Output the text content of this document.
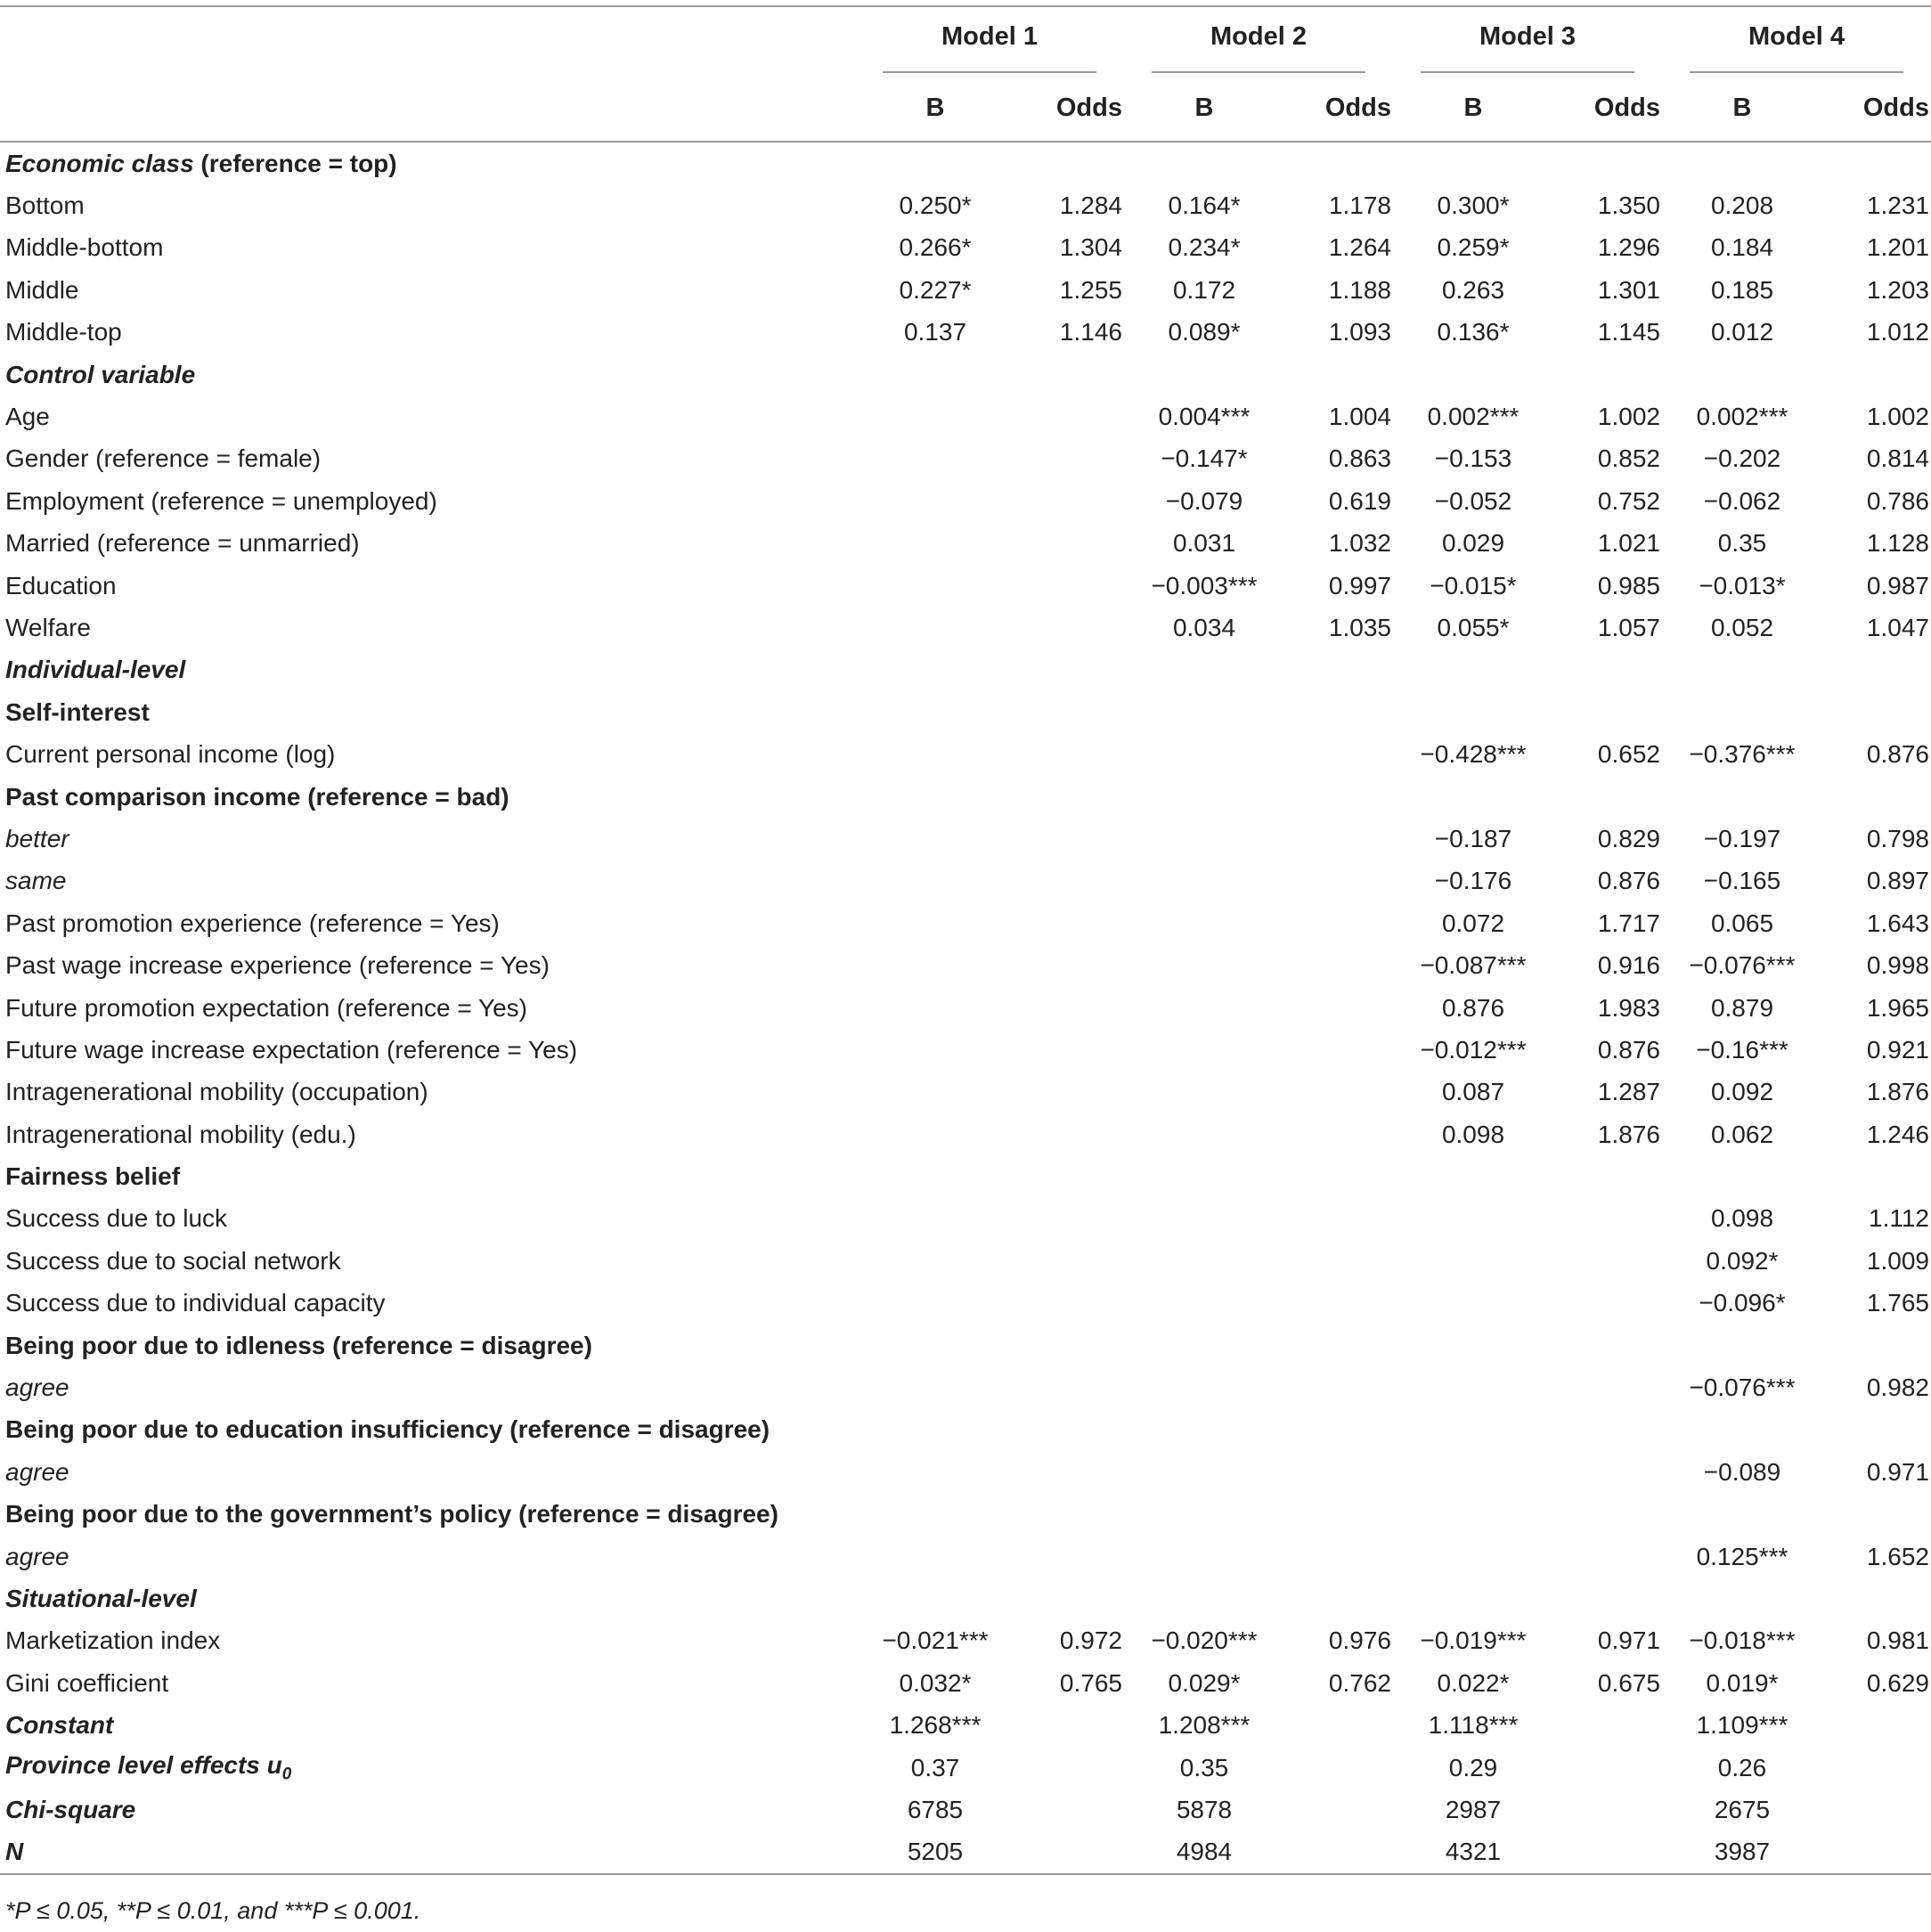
	Model 1		Model 2		Model 3		Model 4	
	B	Odds	B	Odds	B	Odds	B	Odds

Economic class (reference = top)								
Bottom	0.250*	1.284	0.164*	1.178	0.300*	1.350	0.208	1.231
Middle-bottom	0.266*	1.304	0.234*	1.264	0.259*	1.296	0.184	1.201
Middle	0.227*	1.255	0.172	1.188	0.263	1.301	0.185	1.203
Middle-top	0.137	1.146	0.089*	1.093	0.136*	1.145	0.012	1.012
Control variable								
Age			0.004***	1.004	0.002***	1.002	0.002***	1.002
Gender (reference = female)			−0.147*	0.863	−0.153	0.852	−0.202	0.814
Employment (reference = unemployed)			−0.079	0.619	−0.052	0.752	−0.062	0.786
Married (reference = unmarried)			0.031	1.032	0.029	1.021	0.35	1.128
Education			−0.003***	0.997	−0.015*	0.985	−0.013*	0.987
Welfare			0.034	1.035	0.055*	1.057	0.052	1.047
Individual-level								
Self-interest								
Current personal income (log)					−0.428***	0.652	−0.376***	0.876
Past comparison income (reference = bad)								
better					−0.187	0.829	−0.197	0.798
same					−0.176	0.876	−0.165	0.897
Past promotion experience (reference = Yes)					0.072	1.717	0.065	1.643
Past wage increase experience (reference = Yes)					−0.087***	0.916	−0.076***	0.998
Future promotion expectation (reference = Yes)					0.876	1.983	0.879	1.965
Future wage increase expectation (reference = Yes)					−0.012***	0.876	−0.16***	0.921
Intragenerational mobility (occupation)					0.087	1.287	0.092	1.876
Intragenerational mobility (edu.)					0.098	1.876	0.062	1.246
Fairness belief								
Success due to luck							0.098	1.112
Success due to social network							0.092*	1.009
Success due to individual capacity							−0.096*	1.765
Being poor due to idleness (reference = disagree)								
agree							−0.076***	0.982
Being poor due to education insufficiency (reference = disagree)								
agree							−0.089	0.971
Being poor due to the government’s policy (reference = disagree)								
agree							0.125***	1.652
Situational-level								
Marketization index	−0.021***	0.972	−0.020***	0.976	−0.019***	0.971	−0.018***	0.981
Gini coefficient	0.032*	0.765	0.029*	0.762	0.022*	0.675	0.019*	0.629
Constant	1.268***		1.208***		1.118***		1.109***	
Province level effects $u_0$	0.37		0.35		0.29		0.26	
Chi-square	6785		5878		2987		2675	
N	5205		4984		4321		3987	

*P ≤ 0.05, **P ≤ 0.01, and ***P ≤ 0.001.
